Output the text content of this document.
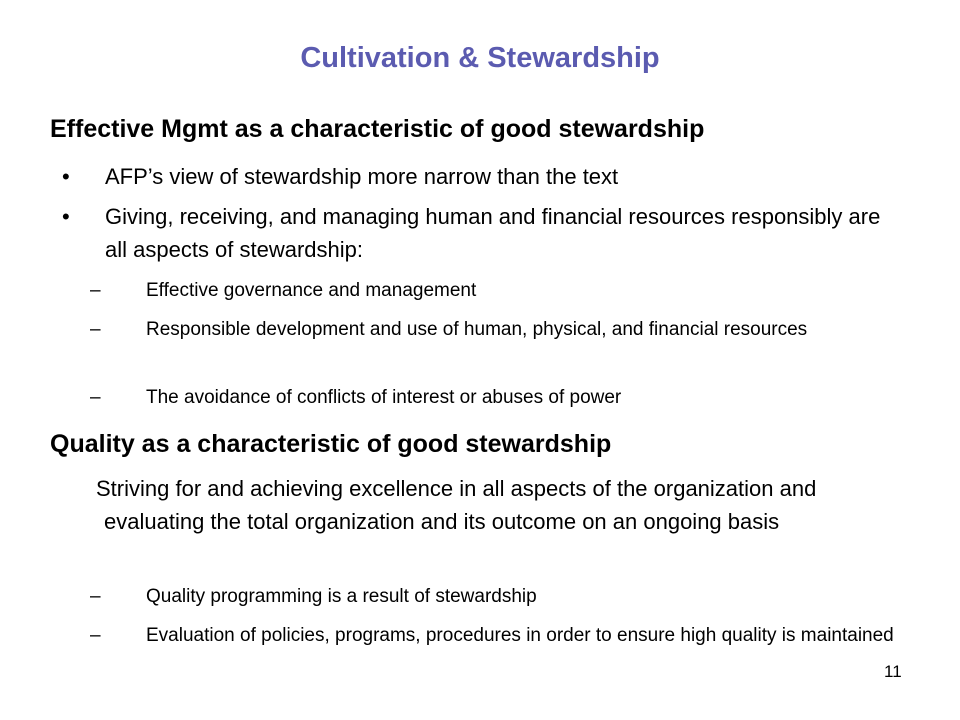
Cultivation & Stewardship
Effective Mgmt as a characteristic of good stewardship
• AFP’s view of stewardship more narrow than the text
• Giving, receiving, and managing human and financial resources responsibly are all aspects of stewardship:
– Effective governance and management
– Responsible development and use of human, physical, and financial resources
– The avoidance of conflicts of interest or abuses of power
Quality as a characteristic of good stewardship
Striving for and achieving excellence in all aspects of the organization and evaluating the total organization and its outcome on an ongoing basis
– Quality programming is a result of stewardship
– Evaluation of policies, programs, procedures in order to ensure high quality is maintained
11
